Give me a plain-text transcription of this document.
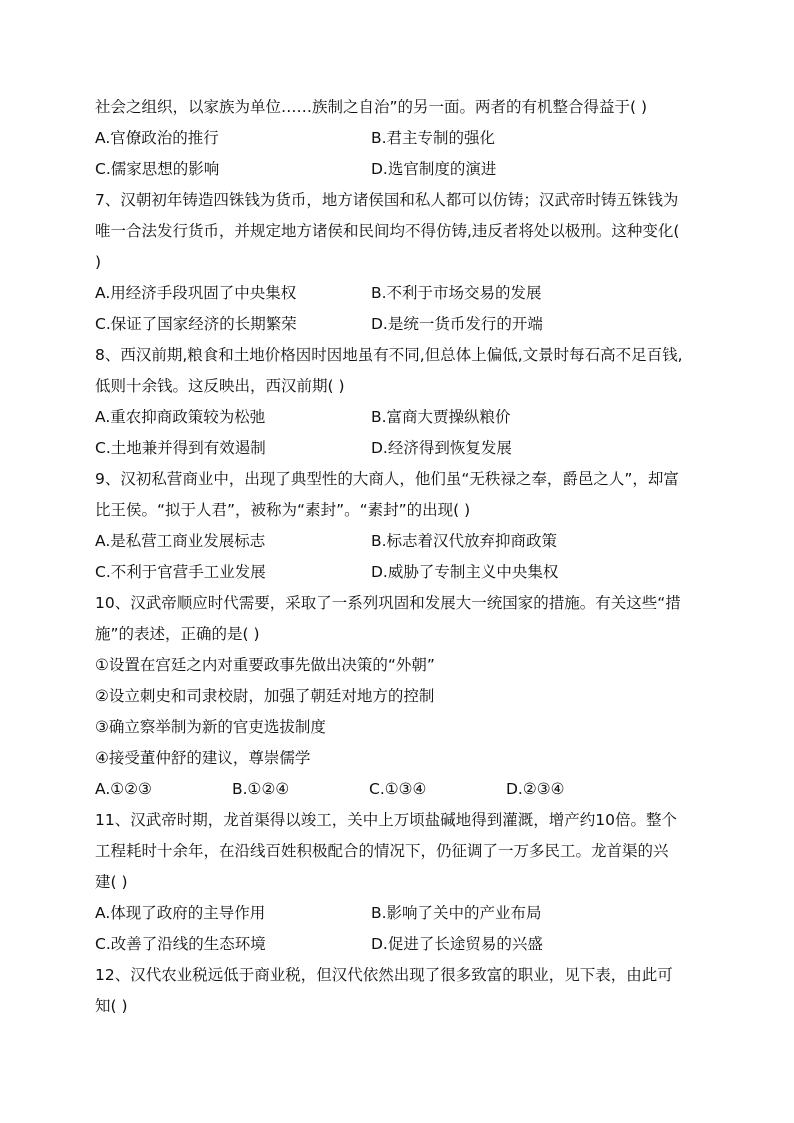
社会之组织，以家族为单位……族制之自治”的另一面。两者的有机整合得益于( )
A.官僚政治的推行	B.君主专制的强化
C.儒家思想的影响	D.选官制度的演进
7、汉朝初年铸造四铢钱为货币，地方诸侯国和私人都可以仿铸；汉武帝时铸五铢钱为
唯一合法发行货币，并规定地方诸侯和民间均不得仿铸,违反者将处以极刑。这种变化(
)
A.用经济手段巩固了中央集权	B.不利于市场交易的发展
C.保证了国家经济的长期繁荣	D.是统一货币发行的开端
8、西汉前期,粮食和土地价格因时因地虽有不同,但总体上偏低,文景时每石高不足百钱,
低则十余钱。这反映出，西汉前期( )
A.重农抑商政策较为松弛	B.富商大贾操纵粮价
C.土地兼并得到有效遏制	D.经济得到恢复发展
9、汉初私营商业中，出现了典型性的大商人，他们虽“无秩禄之奉，爵邑之人”，却富
比王侯。“拟于人君”，被称为“素封”。“素封”的出现( )
A.是私营工商业发展标志	B.标志着汉代放弃抑商政策
C.不利于官营手工业发展	D.威胁了专制主义中央集权
10、汉武帝顺应时代需要，采取了一系列巩固和发展大一统国家的措施。有关这些“措
施”的表述，正确的是( )
①设置在宫廷之内对重要政事先做出决策的“外朝”
②设立刺史和司隶校尉，加强了朝廷对地方的控制
③确立察举制为新的官吏选拔制度
④接受董仲舒的建议，尊崇儒学
A.①②③	B.①②④	C.①③④	D.②③④
11、汉武帝时期，龙首渠得以竣工，关中上万顷盐碱地得到灌溉，增产约10倍。整个
工程耗时十余年，在沿线百姓积极配合的情况下，仍征调了一万多民工。龙首渠的兴
建( )
A.体现了政府的主导作用	B.影响了关中的产业布局
C.改善了沿线的生态环境	D.促进了长途贸易的兴盛
12、汉代农业税远低于商业税，但汉代依然出现了很多致富的职业，见下表，由此可
知( )
